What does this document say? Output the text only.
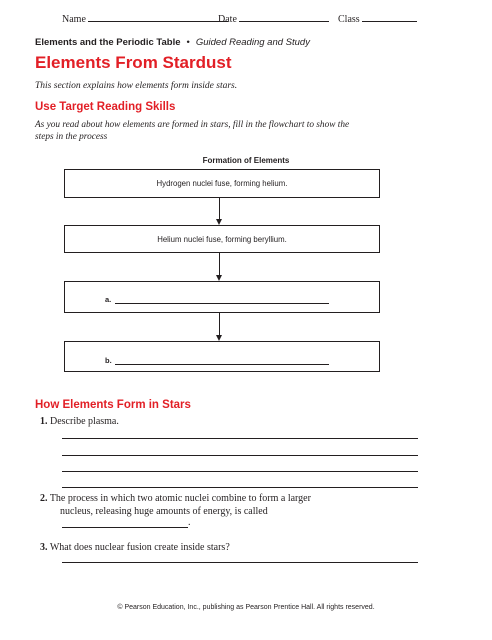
Name	Date	Class
Elements and the Periodic Table • Guided Reading and Study
Elements From Stardust
This section explains how elements form inside stars.
Use Target Reading Skills
As you read about how elements are formed in stars, fill in the flowchart to show the
steps in the process
Formation of Elements
Hydrogen nuclei fuse, forming helium.
Helium nuclei fuse, forming beryllium.
a.
b.
How Elements Form in Stars
1. Describe plasma.
2. The process in which two atomic nuclei combine to form a larger
nucleus, releasing huge amounts of energy, is called
.
3. What does nuclear fusion create inside stars?
© Pearson Education, Inc., publishing as Pearson Prentice Hall. All rights reserved.
